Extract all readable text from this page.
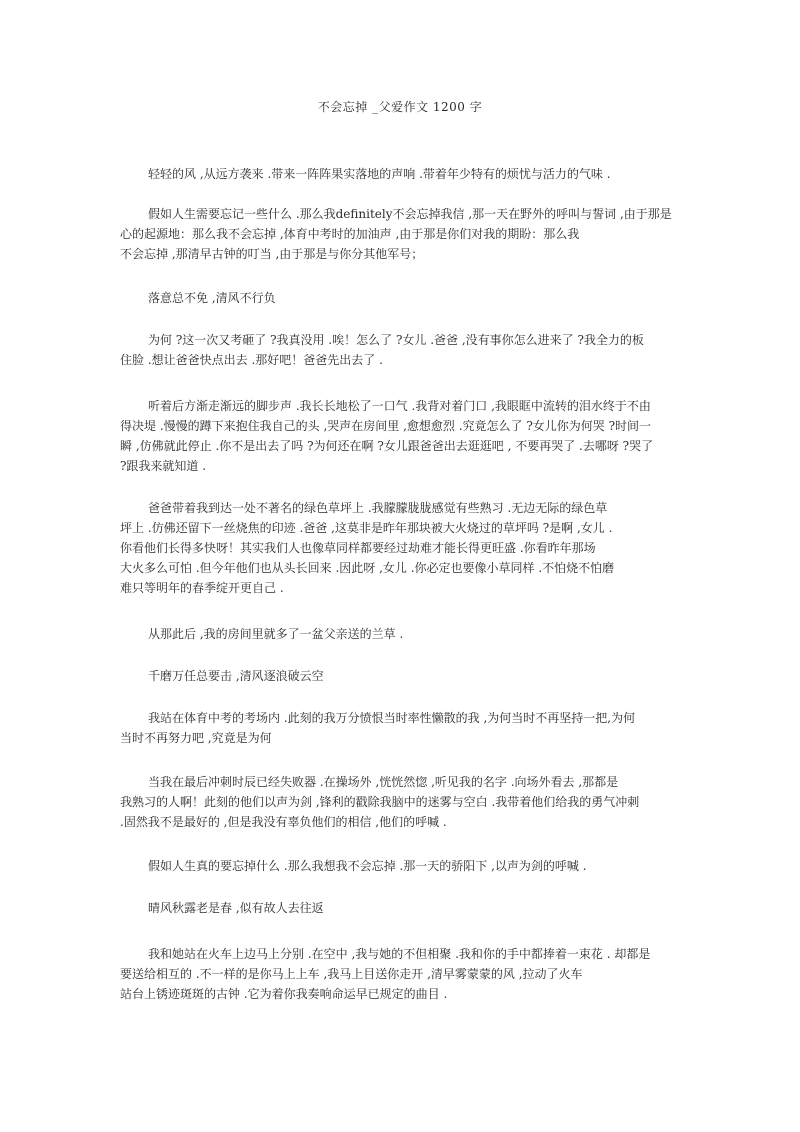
不会忘掉 _父爱作文 1200 字
轻轻的风 ,从远方袭来 .带来一阵阵果实落地的声响 .带着年少特有的烦忧与活力的气味 .
假如人生需要忘记一些什么 .那么我definitely不会忘掉我信 ,那一天在野外的呼叫与誓词 ,由于那是
心的起源地：那么我不会忘掉 ,体育中考时的加油声 ,由于那是你们对我的期盼：那么我
不会忘掉 ,那清早古钟的叮当 ,由于那是与你分其他军号；
落意总不免 ,清风不行负
为何 ?这一次又考砸了 ?我真没用 .唉！怎么了 ?女儿 .爸爸 ,没有事你怎么进来了 ?我全力的板
住脸 .想让爸爸快点出去 .那好吧！爸爸先出去了 .
听着后方渐走渐远的脚步声 .我长长地松了一口气 .我背对着门口 ,我眼眶中流转的泪水终于不由
得决堤 .慢慢的蹲下来抱住我自己的头 ,哭声在房间里 ,愈想愈烈 .究竟怎么了 ?女儿你为何哭 ?时间一
瞬 ,仿佛就此停止 .你不是出去了吗 ?为何还在啊 ?女儿跟爸爸出去逛逛吧 , 不要再哭了 .去哪呀 ?哭了
?跟我来就知道 .
爸爸带着我到达一处不著名的绿色草坪上 .我朦朦胧胧感觉有些熟习 .无边无际的绿色草
坪上 .仿佛还留下一丝烧焦的印迹 .爸爸 ,这莫非是昨年那块被大火烧过的草坪吗 ?是啊 ,女儿 .
你看他们长得多快呀！其实我们人也像草同样都要经过劫难才能长得更旺盛 .你看昨年那场
大火多么可怕 .但今年他们也从头长回来 .因此呀 ,女儿 .你必定也要像小草同样 .不怕烧不怕磨
难只等明年的春季绽开更自己 .
从那此后 ,我的房间里就多了一盆父亲送的兰草 .
千磨万任总要击 ,清风逐浪破云空
我站在体育中考的考场内 .此刻的我万分愤恨当时率性懒散的我 ,为何当时不再坚持一把,为何
当时不再努力吧 ,究竟是为何
当我在最后冲刺时辰已经失败器 .在操场外 ,恍恍然惚 ,听见我的名字 .向场外看去 ,那都是
我熟习的人啊！此刻的他们以声为剑 ,锋利的戳除我脑中的迷雾与空白 .我带着他们给我的勇气冲刺
.固然我不是最好的 ,但是我没有辜负他们的相信 ,他们的呼喊 .
假如人生真的要忘掉什么 .那么我想我不会忘掉 .那一天的骄阳下 ,以声为剑的呼喊 .
晴风秋露老是春 ,似有故人去往返
我和她站在火车上边马上分别 .在空中 ,我与她的不但相聚 .我和你的手中都捧着一束花 . 却都是
要送给相互的 .不一样的是你马上上车 ,我马上目送你走开 ,清早雾蒙蒙的风 ,拉动了火车
站台上锈迹斑斑的古钟 .它为着你我奏响命运早已规定的曲目 .
